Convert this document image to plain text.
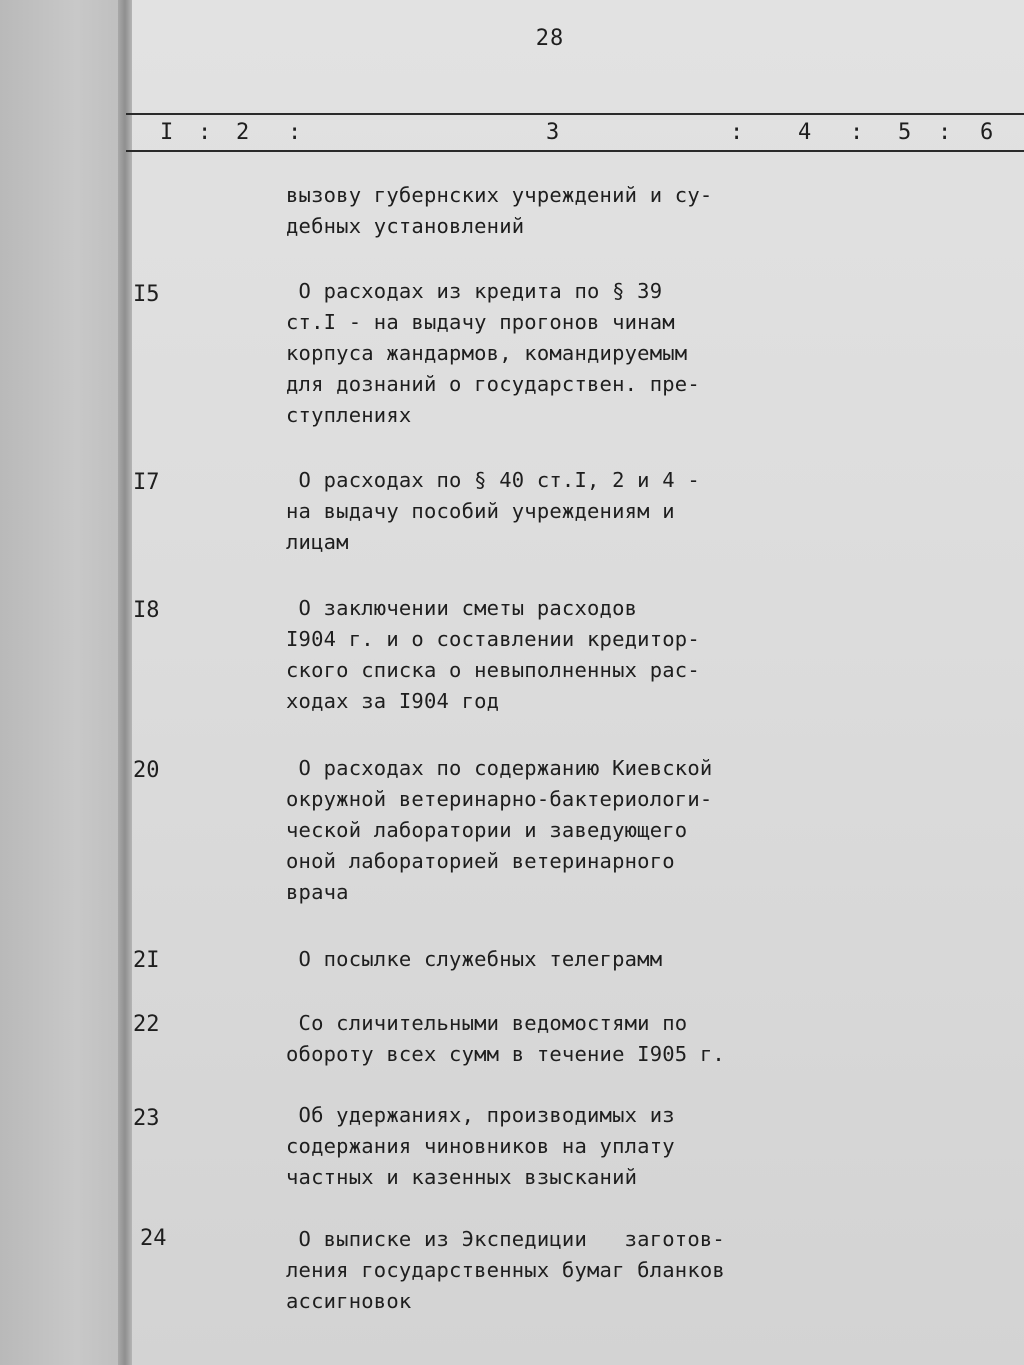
28
I : 2 :	3	: 4 : 5 : 6
вызову губернских учреждений и су-
дебных установлений
I5	О расходах из кредита по § 39
ст.I - на выдачу прогонов чинам
корпуса жандармов, командируемым
для дознаний о государствен. пре-
ступлениях
I7	О расходах по § 40 ст.I, 2 и 4 -
на выдачу пособий учреждениям и
лицам
I8	О заключении сметы расходов
I904 г. и о составлении кредитор-
ского списка о невыполненных рас-
ходах за I904 год
20	О расходах по содержанию Киевской
окружной ветеринарно-бактериологи-
ческой лаборатории и заведующего
оной лабораторией ветеринарного
врача
2I	О посылке служебных телеграмм
22	Со сличительными ведомостями по
обороту всех сумм в течение I905 г.
23	Об удержаниях, производимых из
содержания чиновников на уплату
частных и казенных взысканий
24	О выписке из Экспедиции   заготов-
ления государственных бумаг бланков
ассигновок
